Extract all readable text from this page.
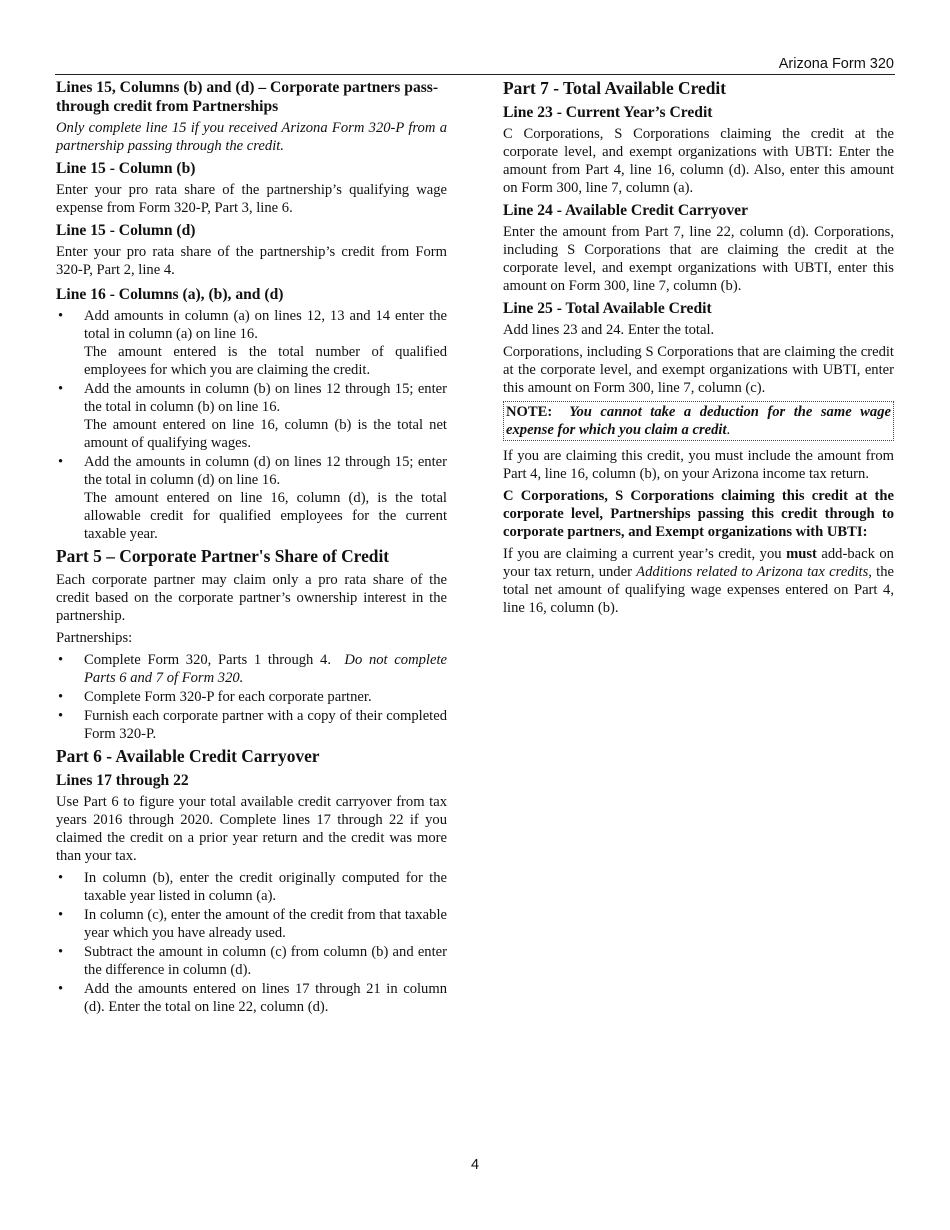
Arizona Form 320
Lines 15, Columns (b) and (d) – Corporate partners pass-through credit from Partnerships

Only complete line 15 if you received Arizona Form 320-P from a partnership passing through the credit.

Line 15 - Column (b)

Enter your pro rata share of the partnership’s qualifying wage expense from Form 320-P, Part 3, line 6.

Line 15 - Column (d)

Enter your pro rata share of the partnership’s credit from Form 320-P, Part 2, line 4.

Line 16 - Columns (a), (b), and (d)
• Add amounts in column (a) on lines 12, 13 and 14 enter the total in column (a) on line 16.
The amount entered is the total number of qualified employees for which you are claiming the credit.
• Add the amounts in column (b) on lines 12 through 15; enter the total in column (b) on line 16.
The amount entered on line 16, column (b) is the total net amount of qualifying wages.
• Add the amounts in column (d) on lines 12 through 15; enter the total in column (d) on line 16.
The amount entered on line 16, column (d), is the total allowable credit for qualified employees for the current taxable year.
Part 5 – Corporate Partner's Share of Credit

Each corporate partner may claim only a pro rata share of the credit based on the corporate partner’s ownership interest in the partnership.

Partnerships:

• Complete Form 320, Parts 1 through 4. Do not complete Parts 6 and 7 of Form 320.
• Complete Form 320-P for each corporate partner.
• Furnish each corporate partner with a copy of their completed Form 320-P.
Part 6 - Available Credit Carryover
Lines 17 through 22

Use Part 6 to figure your total available credit carryover from tax years 2016 through 2020. Complete lines 17 through 22 if you claimed the credit on a prior year return and the credit was more than your tax.

• In column (b), enter the credit originally computed for the taxable year listed in column (a).
• In column (c), enter the amount of the credit from that taxable year which you have already used.
• Subtract the amount in column (c) from column (b) and enter the difference in column (d).
• Add the amounts entered on lines 17 through 21 in column (d). Enter the total on line 22, column (d).
Part 7 - Total Available Credit
Line 23 - Current Year’s Credit

C Corporations, S Corporations claiming the credit at the corporate level, and exempt organizations with UBTI: Enter the amount from Part 4, line 16, column (d). Also, enter this amount on Form 300, line 7, column (a).

Line 24 - Available Credit Carryover

Enter the amount from Part 7, line 22, column (d). Corporations, including S Corporations that are claiming the credit at the corporate level, and exempt organizations with UBTI, enter this amount on Form 300, line 7, column (b).

Line 25 - Total Available Credit

Add lines 23 and 24. Enter the total.

Corporations, including S Corporations that are claiming the credit at the corporate level, and exempt organizations with UBTI, enter this amount on Form 300, line 7, column (c).

NOTE: You cannot take a deduction for the same wage expense for which you claim a credit.

If you are claiming this credit, you must include the amount from Part 4, line 16, column (b), on your Arizona income tax return.

C Corporations, S Corporations claiming this credit at the corporate level, Partnerships passing this credit through to corporate partners, and Exempt organizations with UBTI:

If you are claiming a current year’s credit, you must add-back on your tax return, under Additions related to Arizona tax credits, the total net amount of qualifying wage expenses entered on Part 4, line 16, column (b).

4
